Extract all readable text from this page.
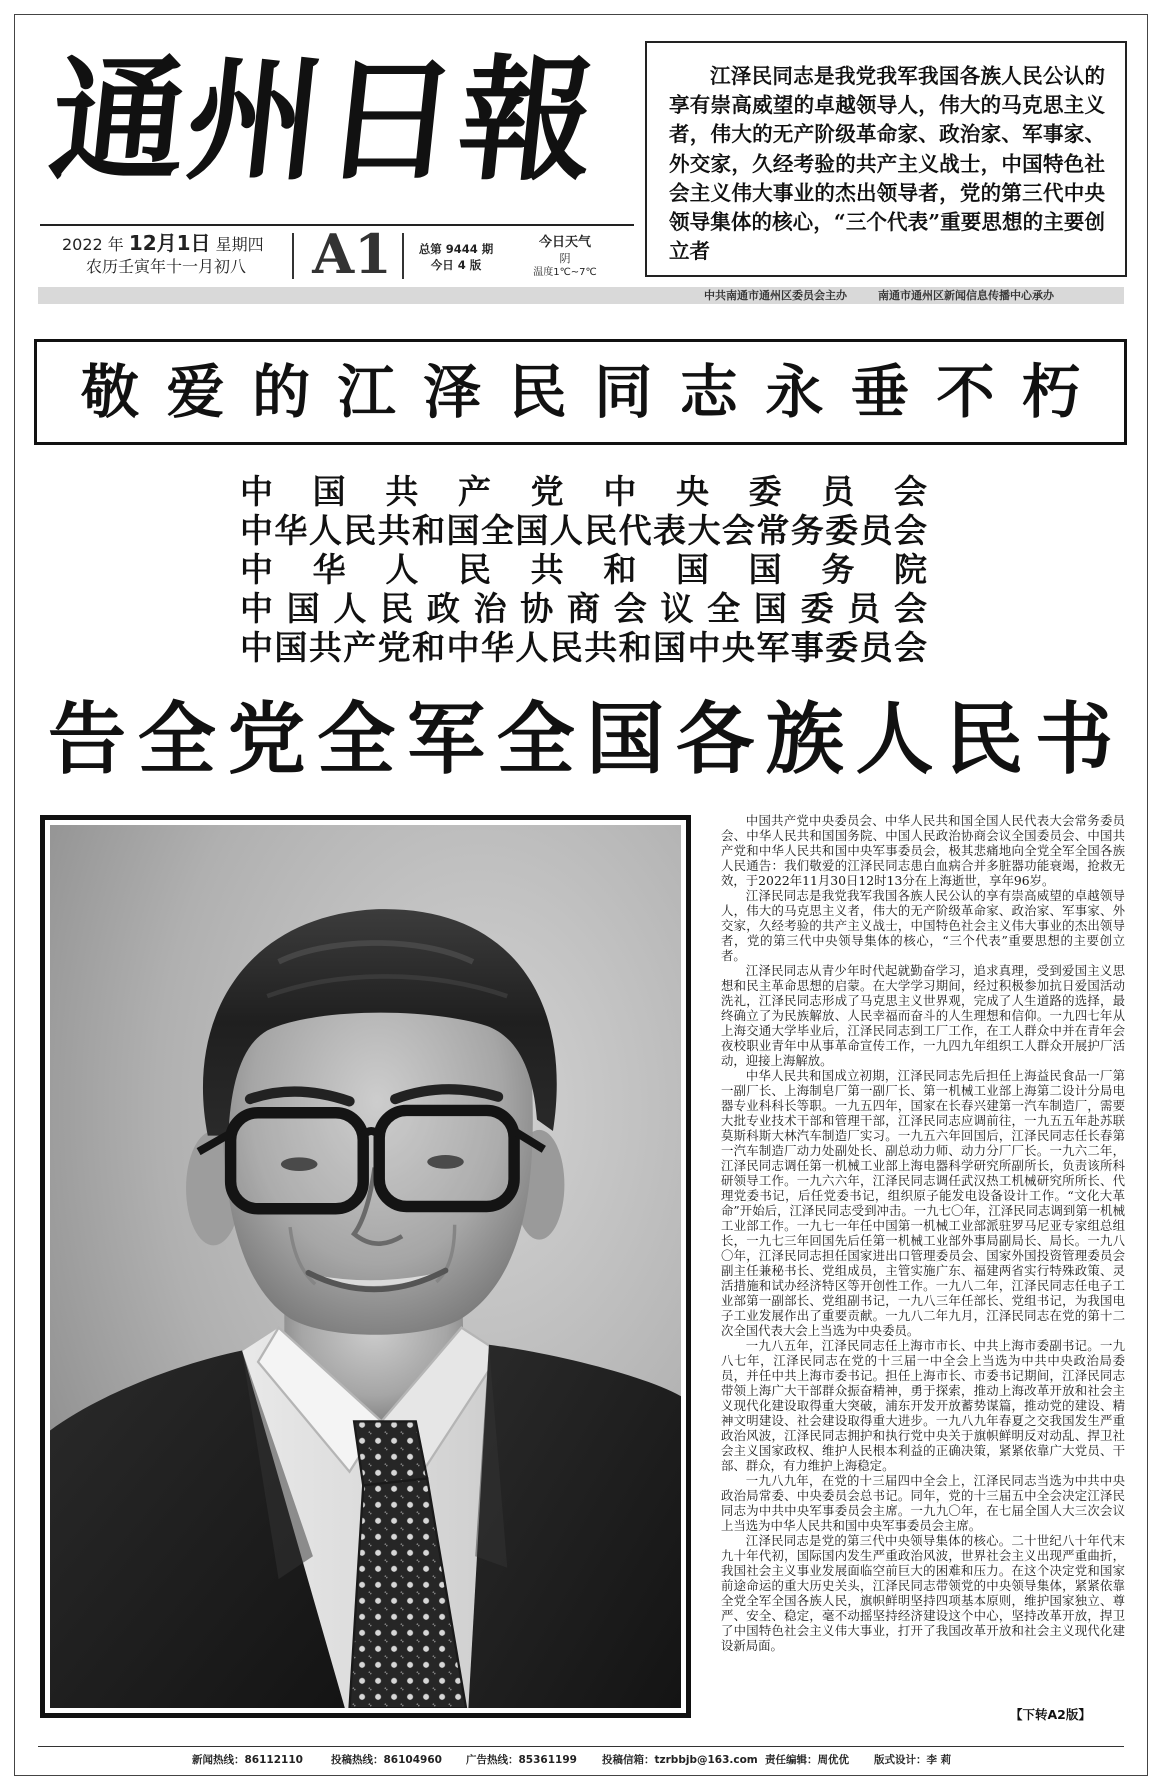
通州日報
2022 年 12月1日 星期四
农历壬寅年十一月初八 A1	总第 9444 期
今日 4 版
今日天气
阴
温度1℃~7℃
江泽民同志是我党我军我国各族人民公认的享有崇高威望的卓越领导人，伟大的马克思主义者，伟大的无产阶级革命家、政治家、军事家、外交家，久经考验的共产主义战士，中国特色社会主义伟大事业的杰出领导者，党的第三代中央领导集体的核心，“三个代表”重要思想的主要创立者
中共南通市通州区委员会主办	南通市通州区新闻信息传播中心承办
敬爱的江泽民同志永垂不朽
中国共产党中央委员会
中华人民共和国全国人民代表大会常务委员会
中华人民共和国国务院
中国人民政治协商会议全国委员会
中国共产党和中华人民共和国中央军事委员会
告全党全军全国各族人民书

中国共产党中央委员会、中华人民共和国全国人民代表大会常务委员会、中华人民共和国国务院、中国人民政治协商会议全国委员会、中国共产党和中华人民共和国中央军事委员会，极其悲痛地向全党全军全国各族人民通告：我们敬爱的江泽民同志患白血病合并多脏器功能衰竭，抢救无效，于2022年11月30日12时13分在上海逝世，享年96岁。

江泽民同志是我党我军我国各族人民公认的享有崇高威望的卓越领导人，伟大的马克思主义者，伟大的无产阶级革命家、政治家、军事家、外交家，久经考验的共产主义战士，中国特色社会主义伟大事业的杰出领导者，党的第三代中央领导集体的核心，“三个代表”重要思想的主要创立者。

江泽民同志从青少年时代起就勤奋学习，追求真理，受到爱国主义思想和民主革命思想的启蒙。在大学学习期间，经过积极参加抗日爱国活动洗礼，江泽民同志形成了马克思主义世界观，完成了人生道路的选择，最终确立了为民族解放、人民幸福而奋斗的人生理想和信仰。一九四七年从上海交通大学毕业后，江泽民同志到工厂工作，在工人群众中并在青年会夜校职业青年中从事革命宣传工作，一九四九年组织工人群众开展护厂活动，迎接上海解放。

中华人民共和国成立初期，江泽民同志先后担任上海益民食品一厂第一副厂长、上海制皂厂第一副厂长、第一机械工业部上海第二设计分局电器专业科科长等职。一九五四年，国家在长春兴建第一汽车制造厂，需要大批专业技术干部和管理干部，江泽民同志应调前往，一九五五年赴苏联莫斯科斯大林汽车制造厂实习。一九五六年回国后，江泽民同志任长春第一汽车制造厂动力处副处长、副总动力师、动力分厂厂长。一九六二年，江泽民同志调任第一机械工业部上海电器科学研究所副所长，负责该所科研领导工作。一九六六年，江泽民同志调任武汉热工机械研究所所长、代理党委书记，后任党委书记，组织原子能发电设备设计工作。“文化大革命”开始后，江泽民同志受到冲击。一九七〇年，江泽民同志调到第一机械工业部工作。一九七一年任中国第一机械工业部派驻罗马尼亚专家组总组长，一九七三年回国先后任第一机械工业部外事局副局长、局长。一九八〇年，江泽民同志担任国家进出口管理委员会、国家外国投资管理委员会副主任兼秘书长、党组成员，主管实施广东、福建两省实行特殊政策、灵活措施和试办经济特区等开创性工作。一九八二年，江泽民同志任电子工业部第一副部长、党组副书记，一九八三年任部长、党组书记，为我国电子工业发展作出了重要贡献。一九八二年九月，江泽民同志在党的第十二次全国代表大会上当选为中央委员。

一九八五年，江泽民同志任上海市市长、中共上海市委副书记。一九八七年，江泽民同志在党的十三届一中全会上当选为中共中央政治局委员，并任中共上海市委书记。担任上海市长、市委书记期间，江泽民同志带领上海广大干部群众振奋精神，勇于探索，推动上海改革开放和社会主义现代化建设取得重大突破，浦东开发开放蓄势谋篇，推动党的建设、精神文明建设、社会建设取得重大进步。一九八九年春夏之交我国发生严重政治风波，江泽民同志拥护和执行党中央关于旗帜鲜明反对动乱、捍卫社会主义国家政权、维护人民根本利益的正确决策，紧紧依靠广大党员、干部、群众，有力维护上海稳定。

一九八九年，在党的十三届四中全会上，江泽民同志当选为中共中央政治局常委、中央委员会总书记。同年，党的十三届五中全会决定江泽民同志为中共中央军事委员会主席。一九九〇年，在七届全国人大三次会议上当选为中华人民共和国中央军事委员会主席。

江泽民同志是党的第三代中央领导集体的核心。二十世纪八十年代末九十年代初，国际国内发生严重政治风波，世界社会主义出现严重曲折，我国社会主义事业发展面临空前巨大的困难和压力。在这个决定党和国家前途命运的重大历史关头，江泽民同志带领党的中央领导集体，紧紧依靠全党全军全国各族人民，旗帜鲜明坚持四项基本原则，维护国家独立、尊严、安全、稳定，毫不动摇坚持经济建设这个中心，坚持改革开放，捍卫了中国特色社会主义伟大事业，打开了我国改革开放和社会主义现代化建设新局面。

【下转A2版】
新闻热线：86112110	投稿热线：86104960 广告热线：85361199 投稿信箱：tzrbbjb@163.com 责任编辑：周优优 版式设计：李 莉
